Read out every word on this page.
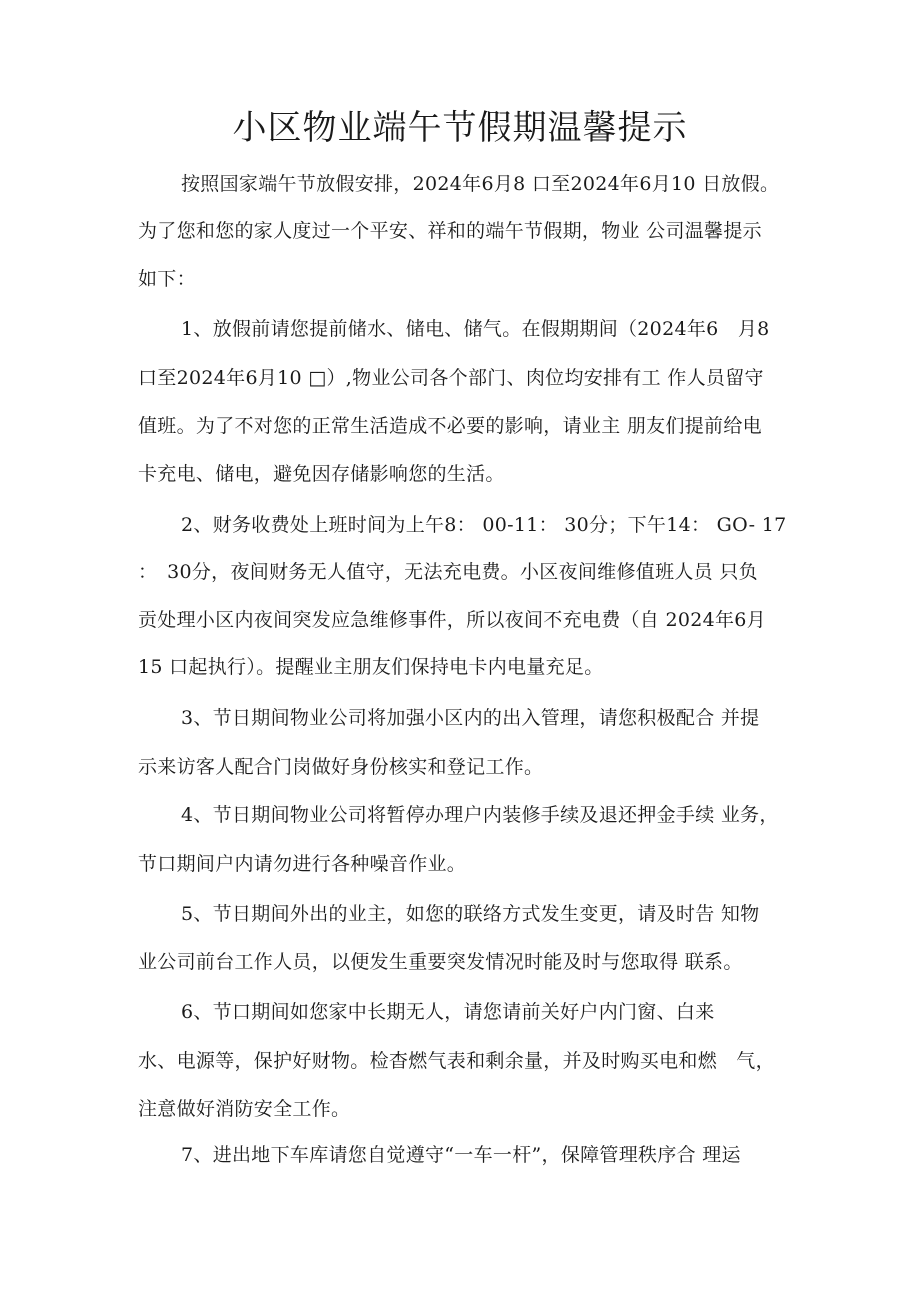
小区物业端午节假期温馨提示
按照国家端午节放假安排，2024年6月8 口至2024年6月10 日放假。
为了您和您的家人度过一个平安、祥和的端午节假期，物业 公司温馨提示
如下：
1、放假前请您提前储水、储电、储气。在假期期间（2024年6　月8
口至2024年6月10 □）,物业公司各个部门、肉位均安排有工 作人员留守
值班。为了不对您的正常生活造成不必要的影响，请业主 朋友们提前给电
卡充电、储电，避免因存储影响您的生活。
2、财务收费处上班时间为上午8： 00-11： 30分；下午14： GO- 17
：　30分，夜间财务无人值守，无法充电费。小区夜间维修值班人员 只负
贡处理小区内夜间突发应急维修事件，所以夜间不充电费（自 2024年6月
15 口起执行）。提醒业主朋友们保持电卡内电量充足。
3、节日期间物业公司将加强小区内的出入管理，请您积极配合 并提
示来访客人配合门岗做好身份核实和登记工作。
4、节日期间物业公司将暂停办理户内装修手续及退还押金手续 业务，
节口期间户内请勿进行各种噪音作业。
5、节日期间外出的业主，如您的联络方式发生变更，请及时告 知物
业公司前台工作人员，以便发生重要突发情况时能及时与您取得 联系。
6、节口期间如您家中长期无人，请您请前关好户内门窗、白来
水、电源等，保护好财物。检杳燃气表和剩余量，并及时购买电和燃　气，
注意做好消防安全工作。
7、进出地下车库请您自觉遵守“一车一杆”，保障管理秩序合 理运
